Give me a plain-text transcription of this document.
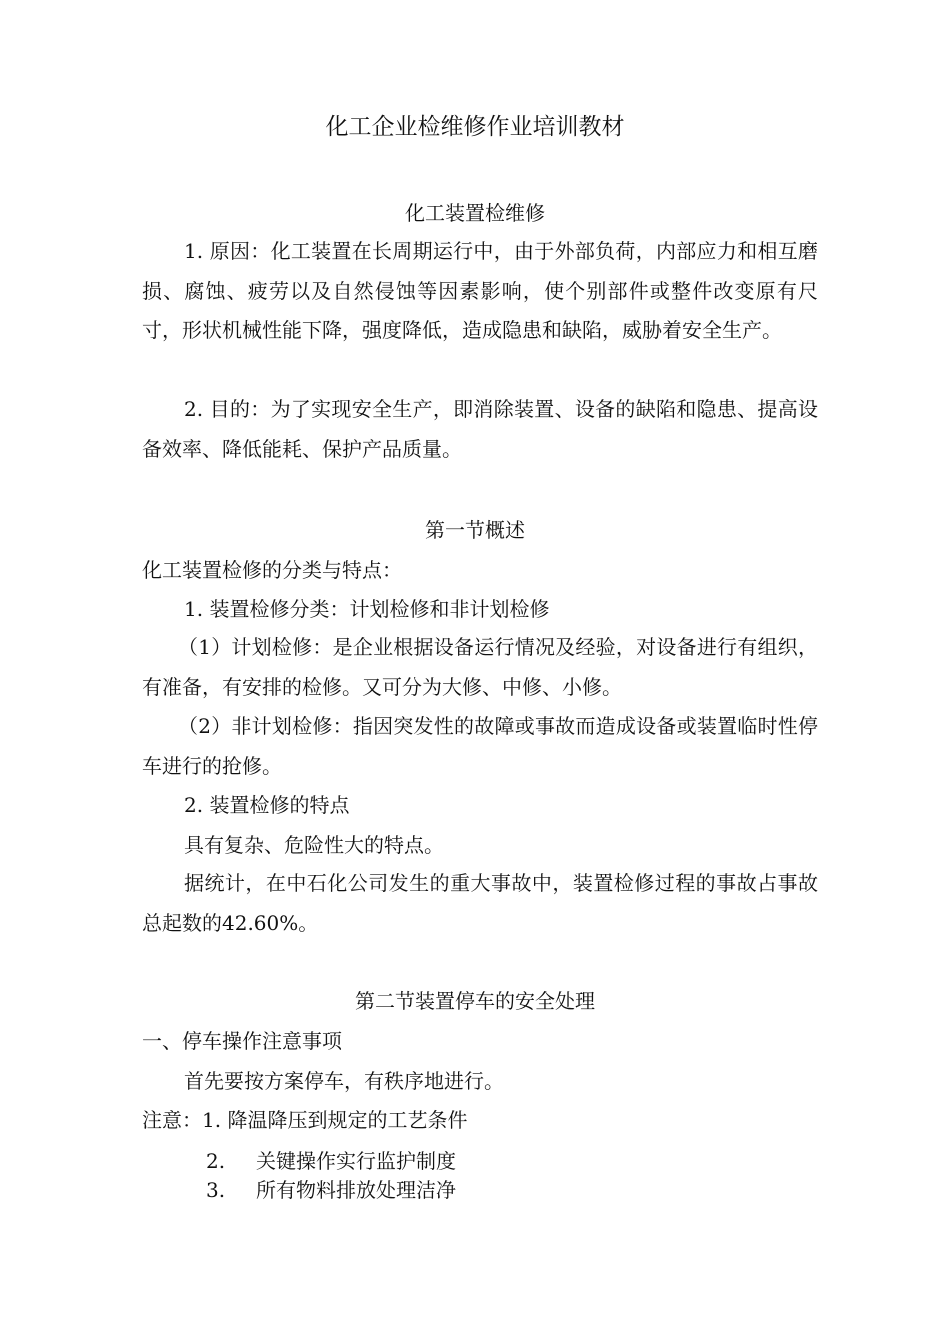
化工企业检维修作业培训教材
化工装置检维修
1. 原因：化工装置在长周期运行中，由于外部负荷，内部应力和相互磨损、腐蚀、疲劳以及自然侵蚀等因素影响，使个别部件或整件改变原有尺寸，形状机械性能下降，强度降低，造成隐患和缺陷，威胁着安全生产。
2. 目的：为了实现安全生产，即消除装置、设备的缺陷和隐患、提高设备效率、降低能耗、保护产品质量。
第一节概述
化工装置检修的分类与特点：
1. 装置检修分类：计划检修和非计划检修
（1）计划检修：是企业根据设备运行情况及经验，对设备进行有组织，有准备，有安排的检修。又可分为大修、中修、小修。
（2）非计划检修：指因突发性的故障或事故而造成设备或装置临时性停车进行的抢修。
2. 装置检修的特点
具有复杂、危险性大的特点。
据统计，在中石化公司发生的重大事故中，装置检修过程的事故占事故总起数的42.60%。
第二节装置停车的安全处理
一、停车操作注意事项
首先要按方案停车，有秩序地进行。
注意：1. 降温降压到规定的工艺条件
2. 关键操作实行监护制度
3. 所有物料排放处理洁净
